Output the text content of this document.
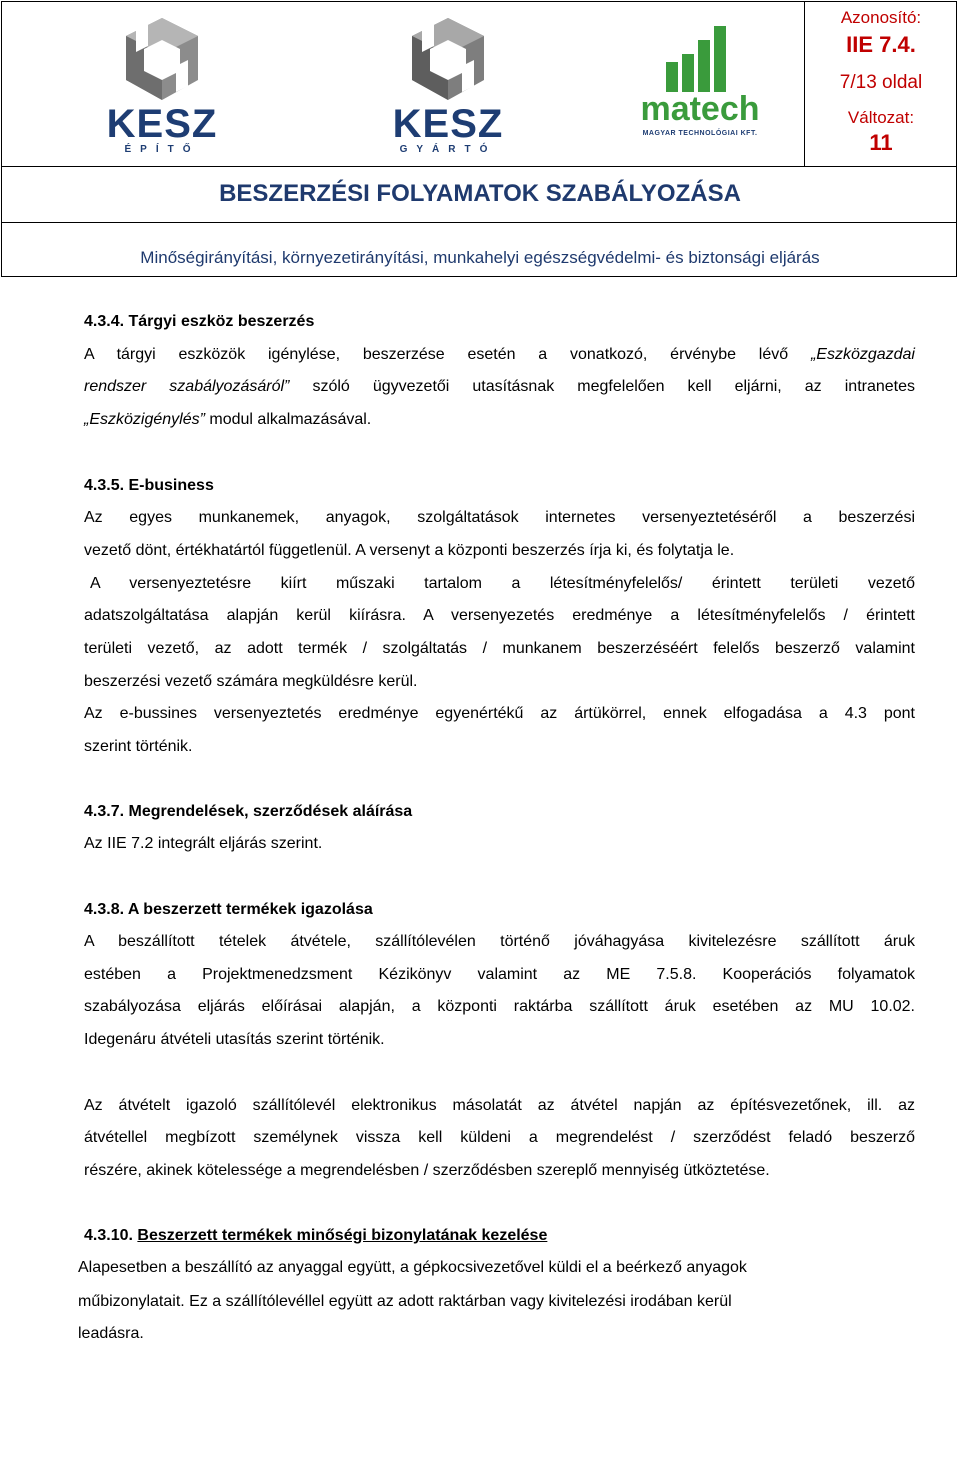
KESZ
ÉPÍTŐ
KESZ
GYÁRTÓ
matech
MAGYAR TECHNOLÓGIAI KFT.
Azonosító:
IIE 7.4.
7/13 oldal
Változat:
11
BESZERZÉSI FOLYAMATOK SZABÁLYOZÁSA
Minőségirányítási, környezetirányítási, munkahelyi egészségvédelmi- és biztonsági eljárás
4.3.4. Tárgyi eszköz beszerzés
A tárgyi eszközök igénylése, beszerzése esetén a vonatkozó, érvénybe lévő „Eszközgazdai
rendszer szabályozásáról” szóló ügyvezetői utasításnak megfelelően kell eljárni, az intranetes
„Eszközigénylés” modul alkalmazásával.
4.3.5. E-business
Az egyes munkanemek, anyagok, szolgáltatások internetes versenyeztetéséről a beszerzési
vezető dönt, értékhatártól függetlenül. A versenyt a központi beszerzés írja ki, és folytatja le.
A versenyeztetésre kiírt műszaki tartalom a létesítményfelelős/ érintett területi vezető
adatszolgáltatása alapján kerül kiírásra. A versenyezetés eredménye a létesítményfelelős / érintett
területi vezető, az adott termék / szolgáltatás / munkanem beszerzéséért felelős beszerző valamint
beszerzési vezető számára megküldésre kerül.
Az e-bussines versenyeztetés eredménye egyenértékű az ártükörrel, ennek elfogadása a 4.3 pont
szerint történik.
4.3.7. Megrendelések, szerződések aláírása
Az IIE 7.2 integrált eljárás szerint.
4.3.8. A beszerzett termékek igazolása
A beszállított tételek átvétele, szállítólevélen történő jóváhagyása kivitelezésre szállított áruk
estében a Projektmenedzsment Kézikönyv valamint az ME 7.5.8. Kooperációs folyamatok
szabályozása eljárás előírásai alapján, a központi raktárba szállított áruk esetében az MU 10.02.
Idegenáru átvételi utasítás szerint történik.
Az átvételt igazoló szállítólevél elektronikus másolatát az átvétel napján az építésvezetőnek, ill. az
átvétellel megbízott személynek vissza kell küldeni a megrendelést / szerződést feladó beszerző
részére, akinek kötelessége a megrendelésben / szerződésben szereplő mennyiség ütköztetése.
4.3.10. Beszerzett termékek minőségi bizonylatának kezelése
Alapesetben a beszállító az anyaggal együtt, a gépkocsivezetővel küldi el a beérkező anyagok
műbizonylatait. Ez a szállítólevéllel együtt az adott raktárban vagy kivitelezési irodában kerül
leadásra.
